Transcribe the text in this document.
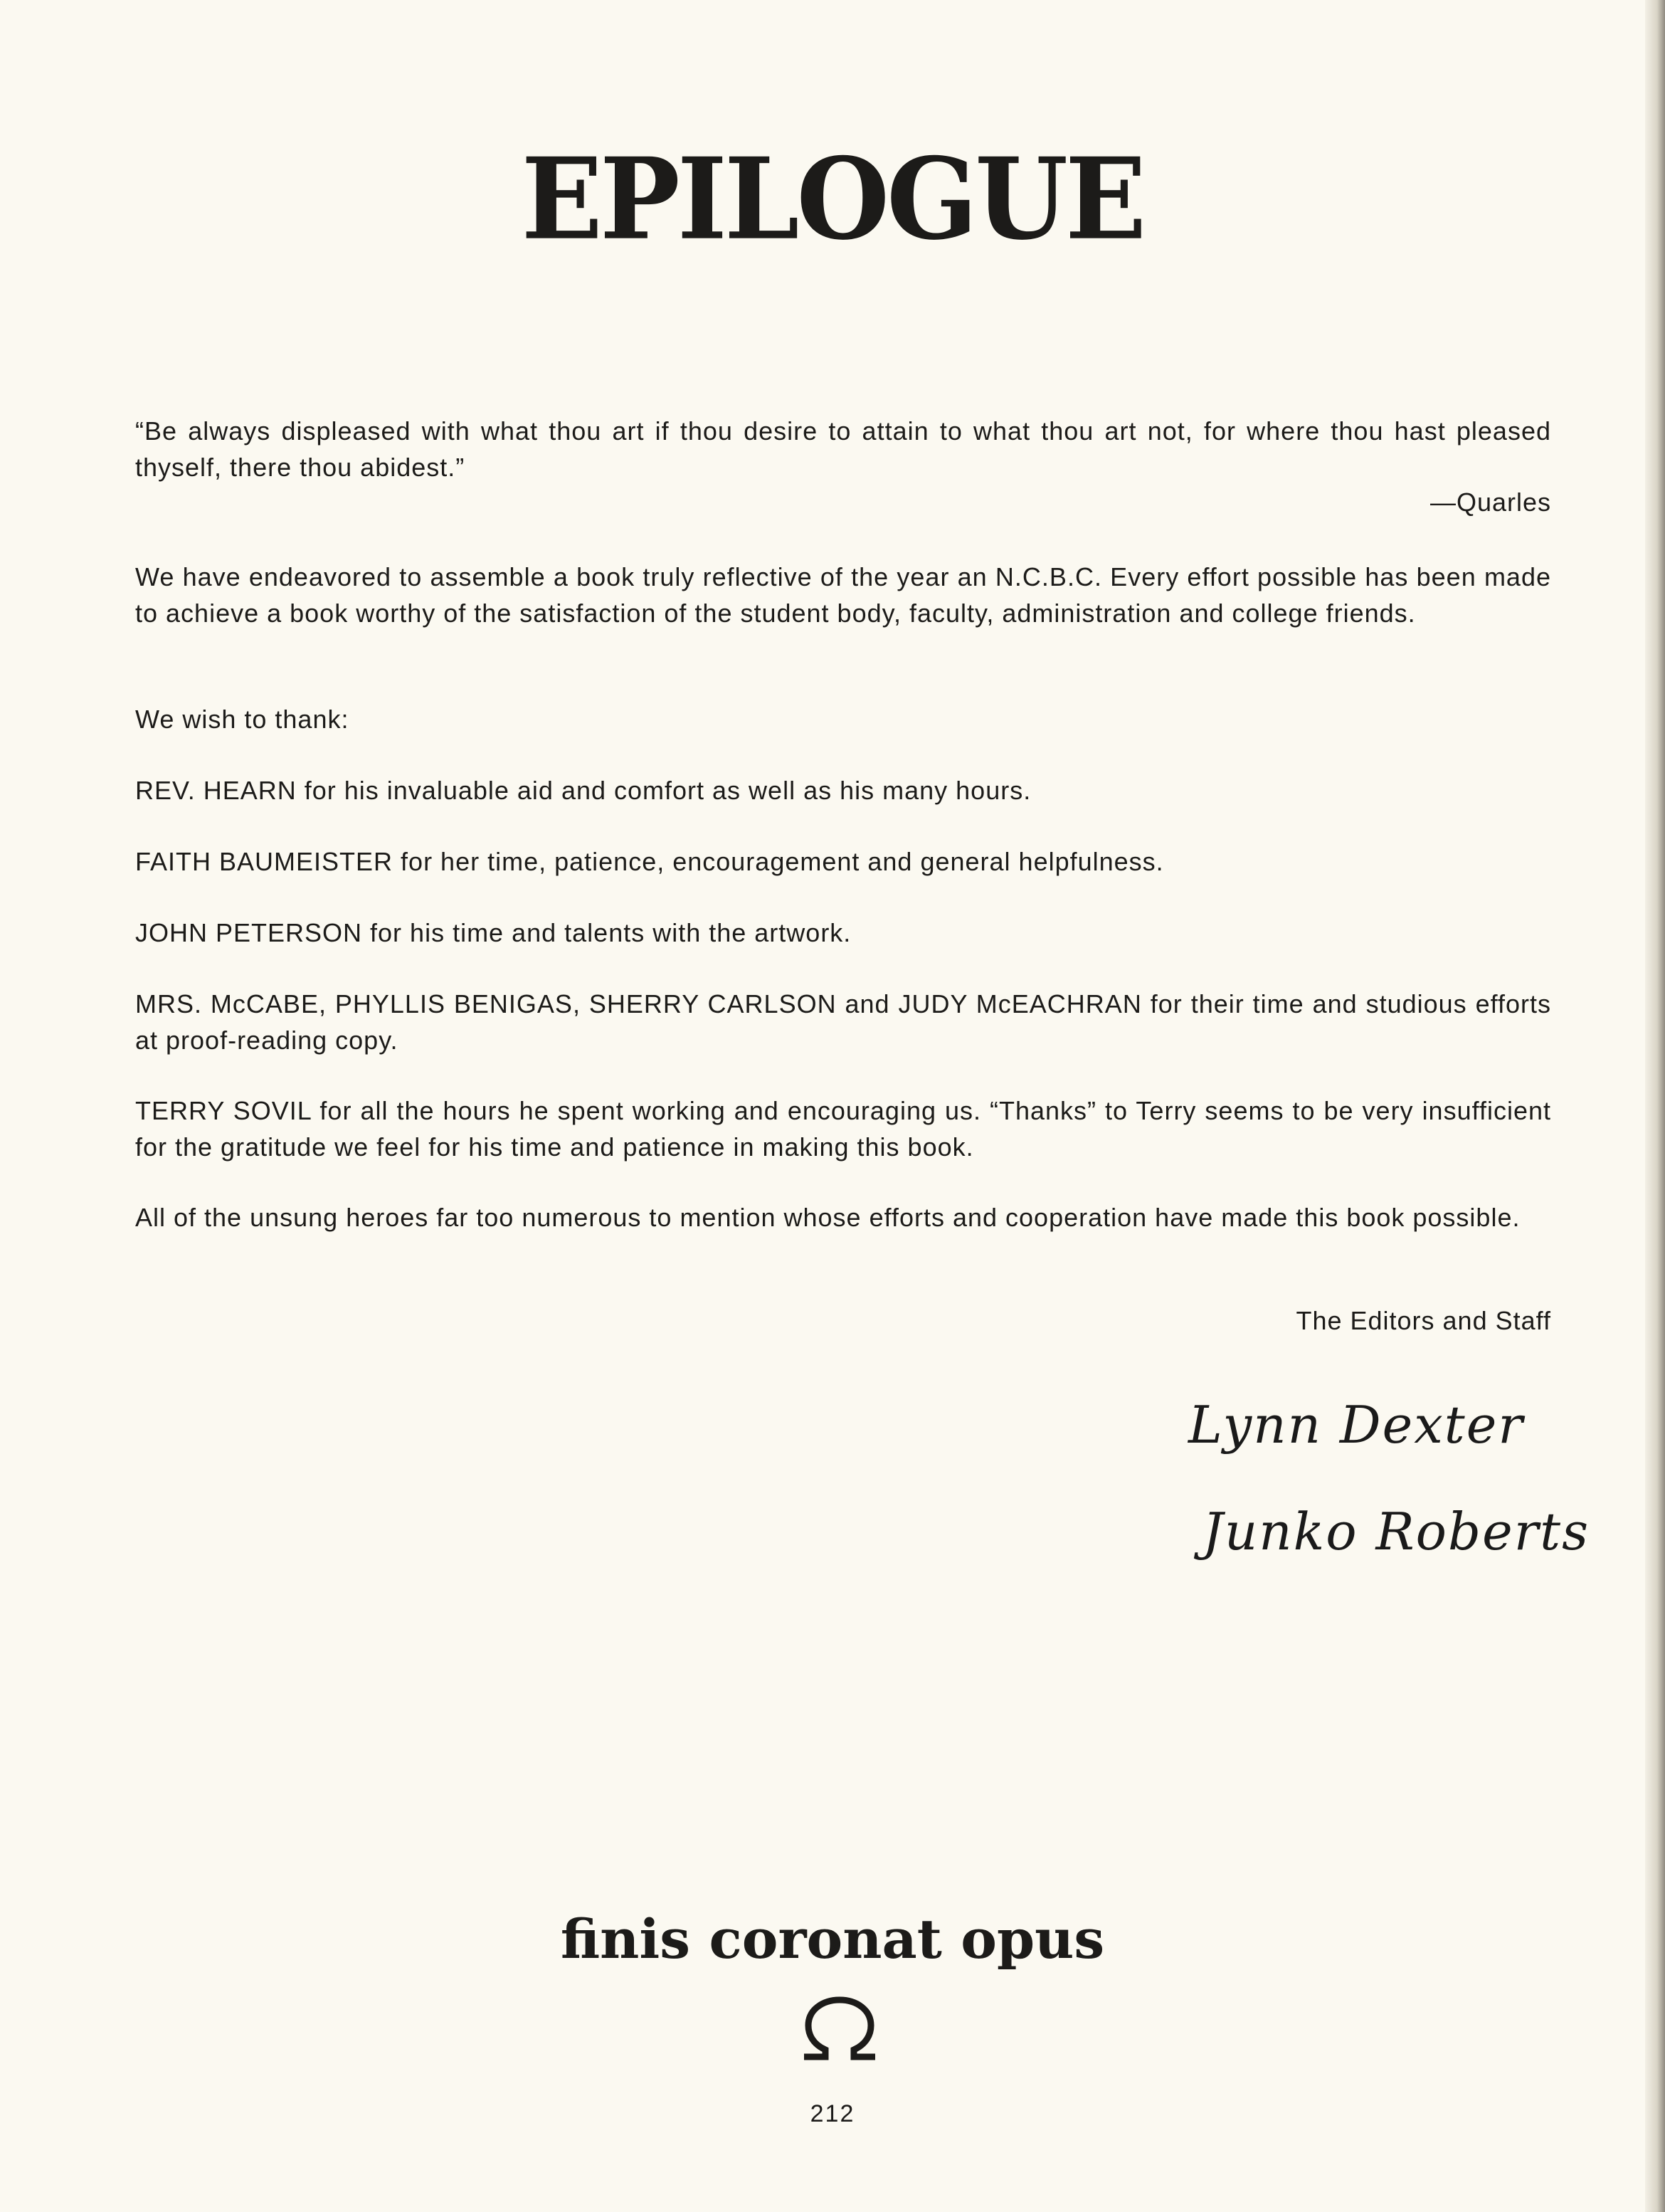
EPILOGUE

“Be always displeased with what thou art if thou desire to attain to what thou art not, for where thou hast pleased thyself, there thou abidest.”

—Quarles

We have endeavored to assemble a book truly reflective of the year an N.C.B.C. Every effort possible has been made to achieve a book worthy of the satisfaction of the student body, faculty, administration and college friends.

We wish to thank:

REV. HEARN for his invaluable aid and comfort as well as his many hours.

FAITH BAUMEISTER for her time, patience, encouragement and general helpfulness.

JOHN PETERSON for his time and talents with the artwork.

MRS. McCABE, PHYLLIS BENIGAS, SHERRY CARLSON and JUDY McEACHRAN for their time and studious efforts at proof-reading copy.

TERRY SOVIL for all the hours he spent working and encouraging us. “Thanks” to Terry seems to be very insufficient for the gratitude we feel for his time and patience in making this book.

All of the unsung heroes far too numerous to mention whose efforts and cooperation have made this book possible.

The Editors and Staff

Lynn Dexter
Junko Roberts

finis coronat opus

212
